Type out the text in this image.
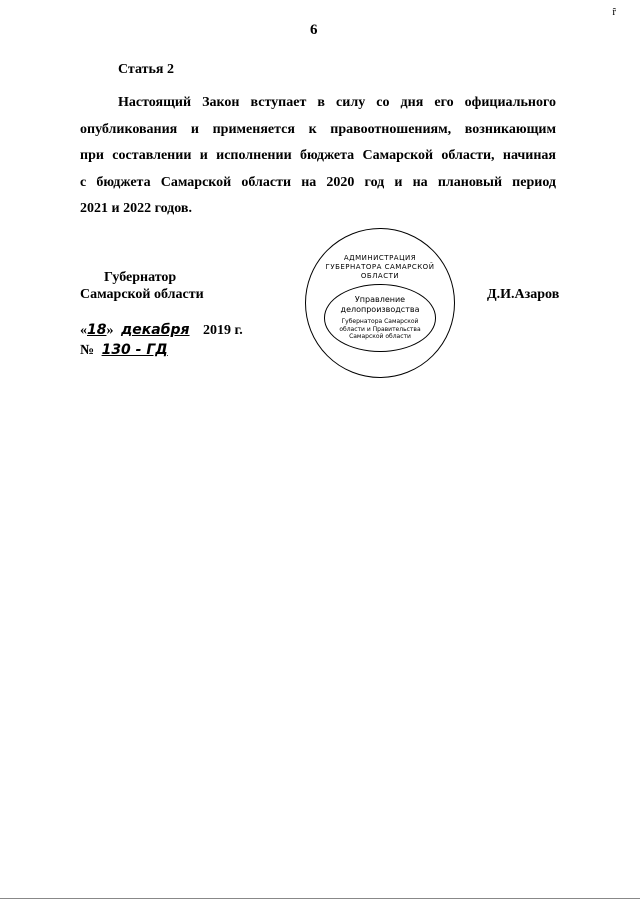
ȓ
6
Статья 2
Настоящий Закон вступает в силу со дня его официального
опубликования и применяется к правоотношениям, возникающим
при составлении и исполнении бюджета Самарской области, начиная
с бюджета Самарской области на 2020 год и на плановый период
2021 и 2022 годов.
АДМИНИСТРАЦИЯ ГУБЕРНАТОРА САМАРСКОЙ ОБЛАСТИ
Управление
делопроизводства
Губернатора Самарской области и Правительства Самарской области
Губернатор
Самарской области	Д.И.Азаров
«18» декабря 2019 г.
№ 130 - ГД
